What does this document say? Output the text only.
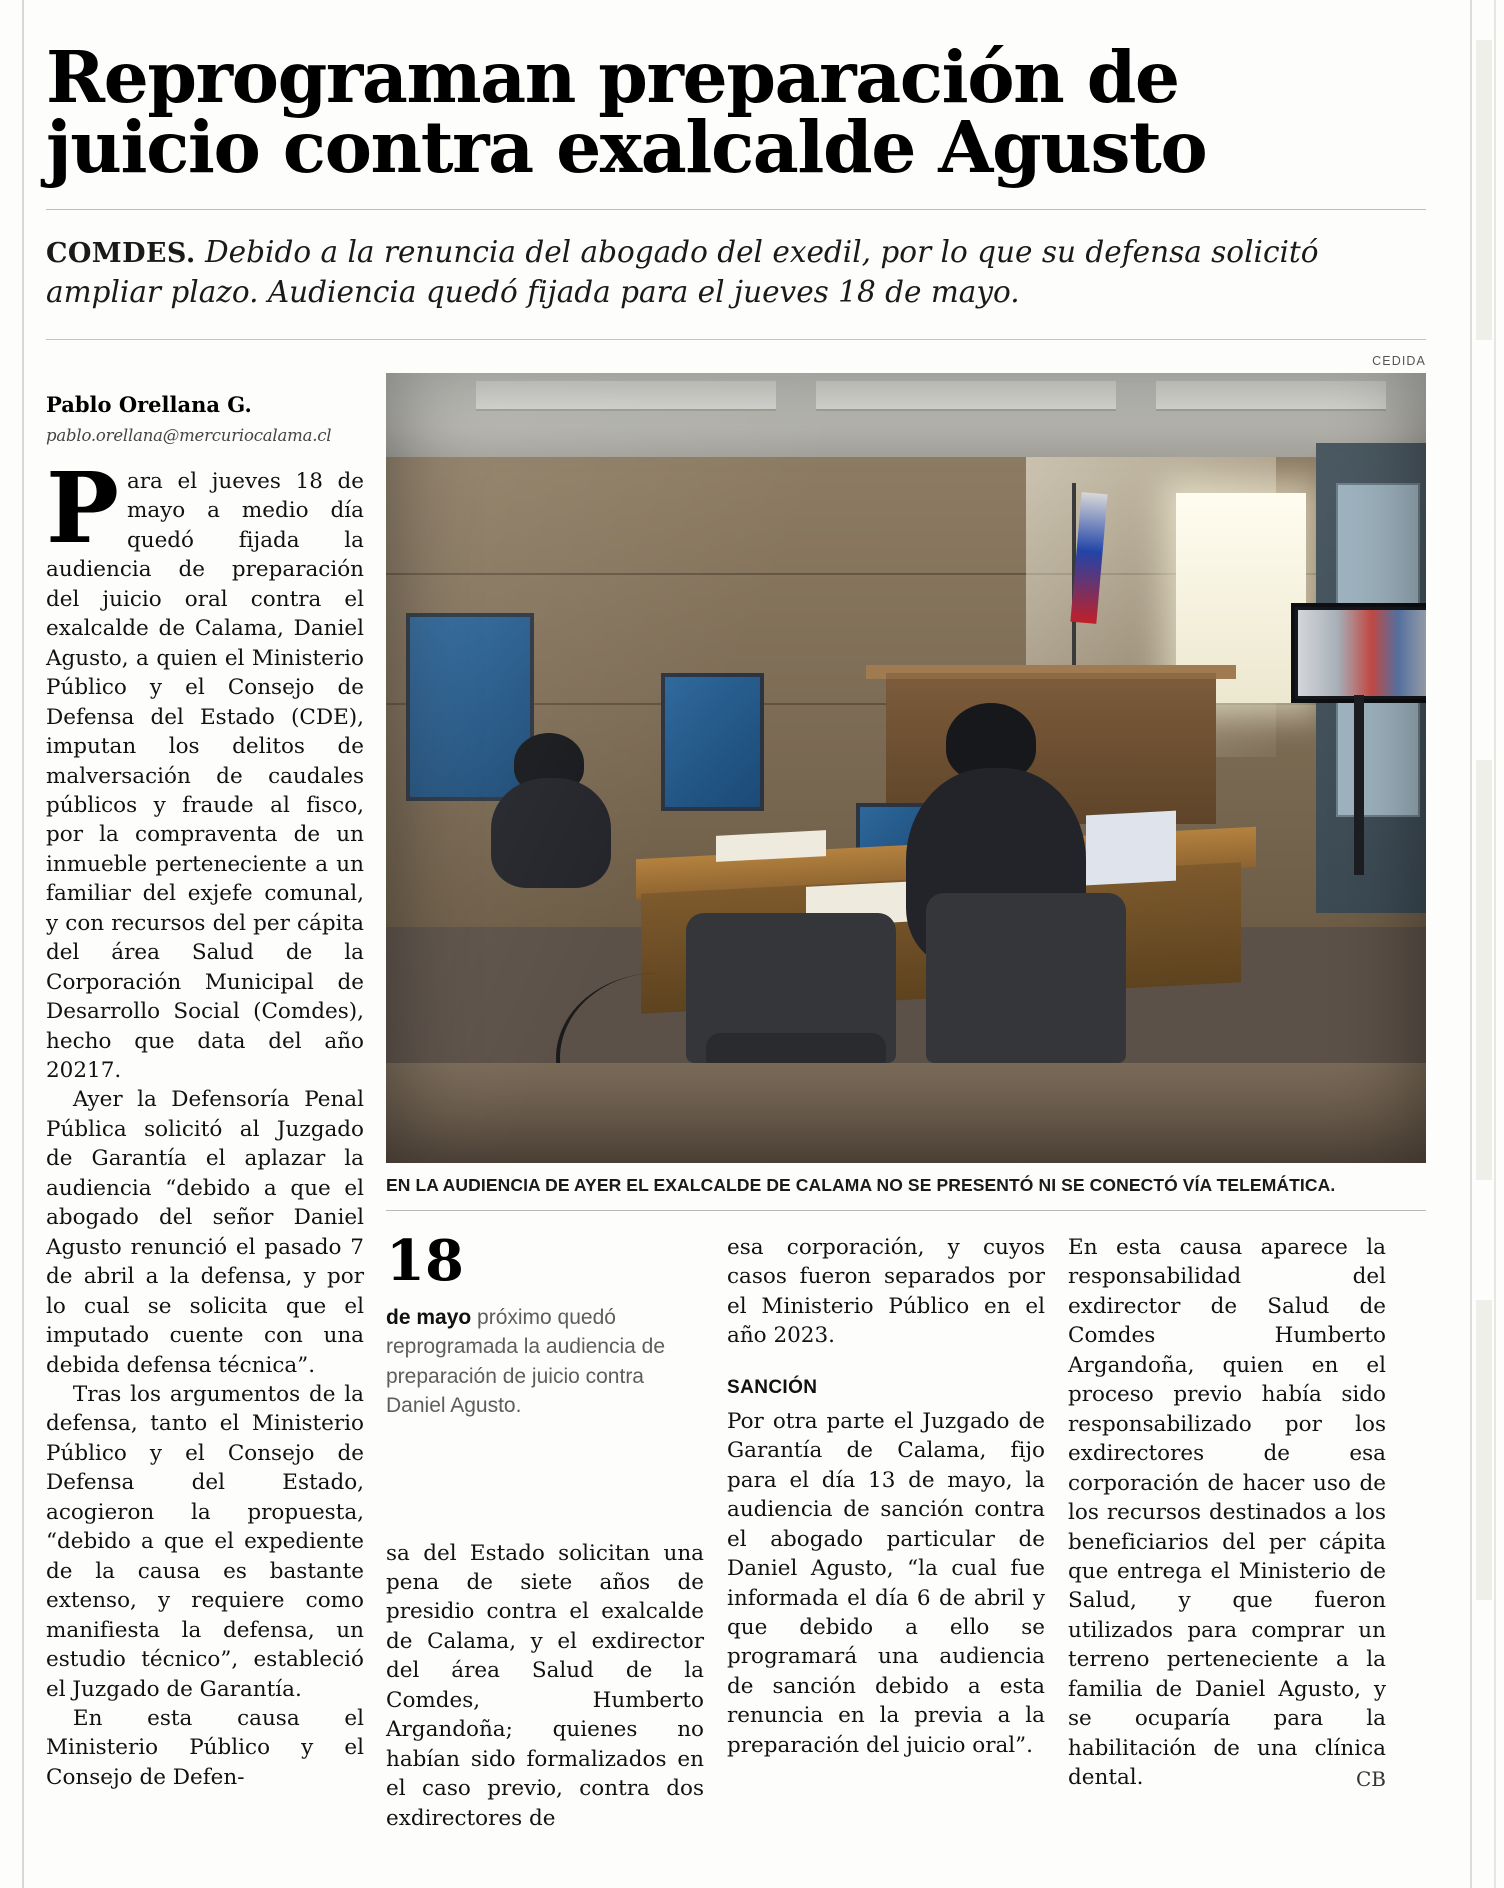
Reprograman preparación de
juicio contra exalcalde Agusto
COMDES. Debido a la renuncia del abogado del exedil, por lo que su defensa solicitó ampliar plazo. Audiencia quedó fijada para el jueves 18 de mayo.
Pablo Orellana G.
pablo.orellana@mercuriocalama.cl

Para el jueves 18 de mayo a medio día quedó fijada la audiencia de preparación del juicio oral contra el exalcalde de Calama, Daniel Agusto, a quien el Ministerio Público y el Consejo de Defensa del Estado (CDE), imputan los delitos de malversación de caudales públicos y fraude al fisco, por la compraventa de un inmueble perteneciente a un familiar del exjefe comunal, y con recursos del per cápita del área Salud de la Corporación Municipal de Desarrollo Social (Comdes), hecho que data del año 20217.

Ayer la Defensoría Penal Pública solicitó al Juzgado de Garantía el aplazar la audiencia “debido a que el abogado del señor Daniel Agusto renunció el pasado 7 de abril a la defensa, y por lo cual se solicita que el imputado cuente con una debida defensa técnica”.

Tras los argumentos de la defensa, tanto el Ministerio Público y el Consejo de Defensa del Estado, acogieron la propuesta, “debido a que el expediente de la causa es bastante extenso, y requiere como manifiesta la defensa, un estudio técnico”, estableció el Juzgado de Garantía.

En esta causa el Ministerio Público y el Consejo de Defen-

CEDIDA
EN LA AUDIENCIA DE AYER EL EXALCALDE DE CALAMA NO SE PRESENTÓ NI SE CONECTÓ VÍA TELEMÁTICA.
18
de mayo próximo quedó reprogramada la audiencia de preparación de juicio contra Daniel Agusto.

sa del Estado solicitan una pena de siete años de presidio contra el exalcalde de Calama, y el exdirector del área Salud de la Comdes, Humberto Argandoña; quienes no habían sido formalizados en el caso previo, contra dos exdirectores de

esa corporación, y cuyos casos fueron separados por el Ministerio Público en el año 2023.

SANCIÓN

Por otra parte el Juzgado de Garantía de Calama, fijo para el día 13 de mayo, la audiencia de sanción contra el abogado particular de Daniel Agusto, “la cual fue informada el día 6 de abril y que debido a ello se programará una audiencia de sanción debido a esta renuncia en la previa a la preparación del juicio oral”.

En esta causa aparece la responsabilidad del exdirector de Salud de Comdes Humberto Argandoña, quien en el proceso previo había sido responsabilizado por los exdirectores de esa corporación de hacer uso de los recursos destinados a los beneficiarios del per cápita que entrega el Ministerio de Salud, y que fueron utilizados para comprar un terreno perteneciente a la familia de Daniel Agusto, y se ocuparía para la habilitación de una clínica dental.	CB
